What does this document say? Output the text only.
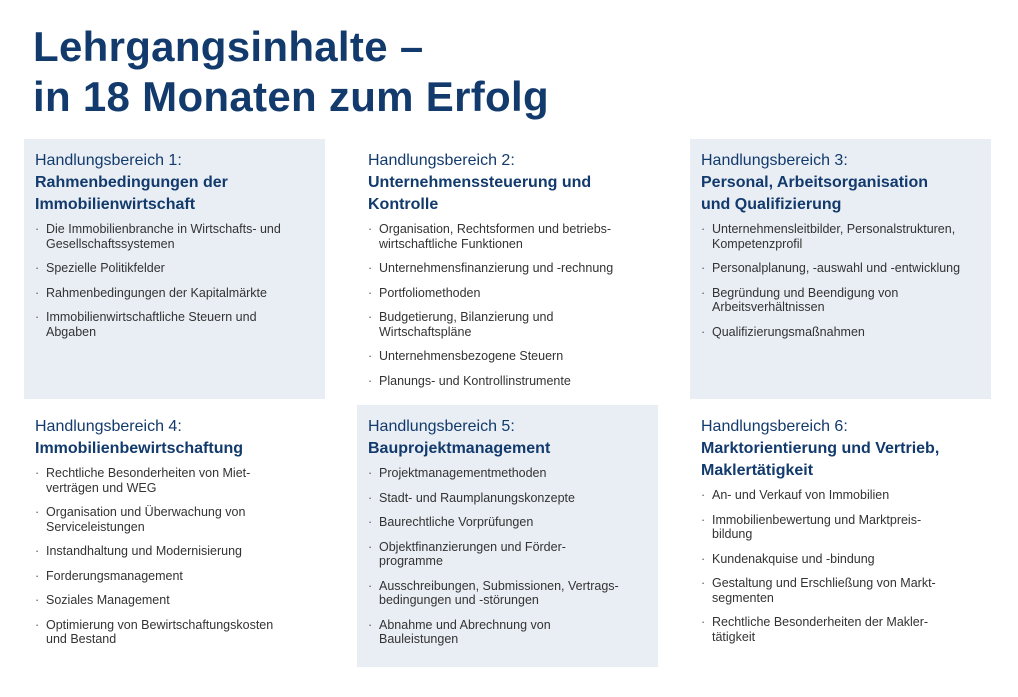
Lehrgangsinhalte –
in 18 Monaten zum Erfolg
Handlungsbereich 1:
Rahmenbedingungen der
Immobilienwirtschaft
· Die Immobilienbranche in Wirtschafts- und
Gesellschaftssystemen
· Spezielle Politikfelder
· Rahmenbedingungen der Kapitalmärkte
· Immobilienwirtschaftliche Steuern und
Abgaben
Handlungsbereich 2:
Unternehmenssteuerung und
Kontrolle
· Organisation, Rechtsformen und betriebs-
wirtschaftliche Funktionen
· Unternehmensfinanzierung und -rechnung
· Portfoliomethoden
· Budgetierung, Bilanzierung und
Wirtschaftspläne
· Unternehmensbezogene Steuern
· Planungs- und Kontrollinstrumente
Handlungsbereich 3:
Personal, Arbeitsorganisation
und Qualifizierung
· Unternehmensleitbilder, Personalstrukturen,
Kompetenzprofil
· Personalplanung, -auswahl und -entwicklung
· Begründung und Beendigung von
Arbeitsverhältnissen
· Qualifizierungsmaßnahmen
Handlungsbereich 4:
Immobilienbewirtschaftung
· Rechtliche Besonderheiten von Miet-
verträgen und WEG
· Organisation und Überwachung von
Serviceleistungen
· Instandhaltung und Modernisierung
· Forderungsmanagement
· Soziales Management
· Optimierung von Bewirtschaftungskosten
und Bestand
Handlungsbereich 5:
Bauprojektmanagement
· Projektmanagementmethoden
· Stadt- und Raumplanungskonzepte
· Baurechtliche Vorprüfungen
· Objektfinanzierungen und Förder-
programme
· Ausschreibungen, Submissionen, Vertrags-
bedingungen und -störungen
· Abnahme und Abrechnung von
Bauleistungen
Handlungsbereich 6:
Marktorientierung und Vertrieb,
Maklertätigkeit
· An- und Verkauf von Immobilien
· Immobilienbewertung und Marktpreis-
bildung
· Kundenakquise und -bindung
· Gestaltung und Erschließung von Markt-
segmenten
· Rechtliche Besonderheiten der Makler-
tätigkeit
